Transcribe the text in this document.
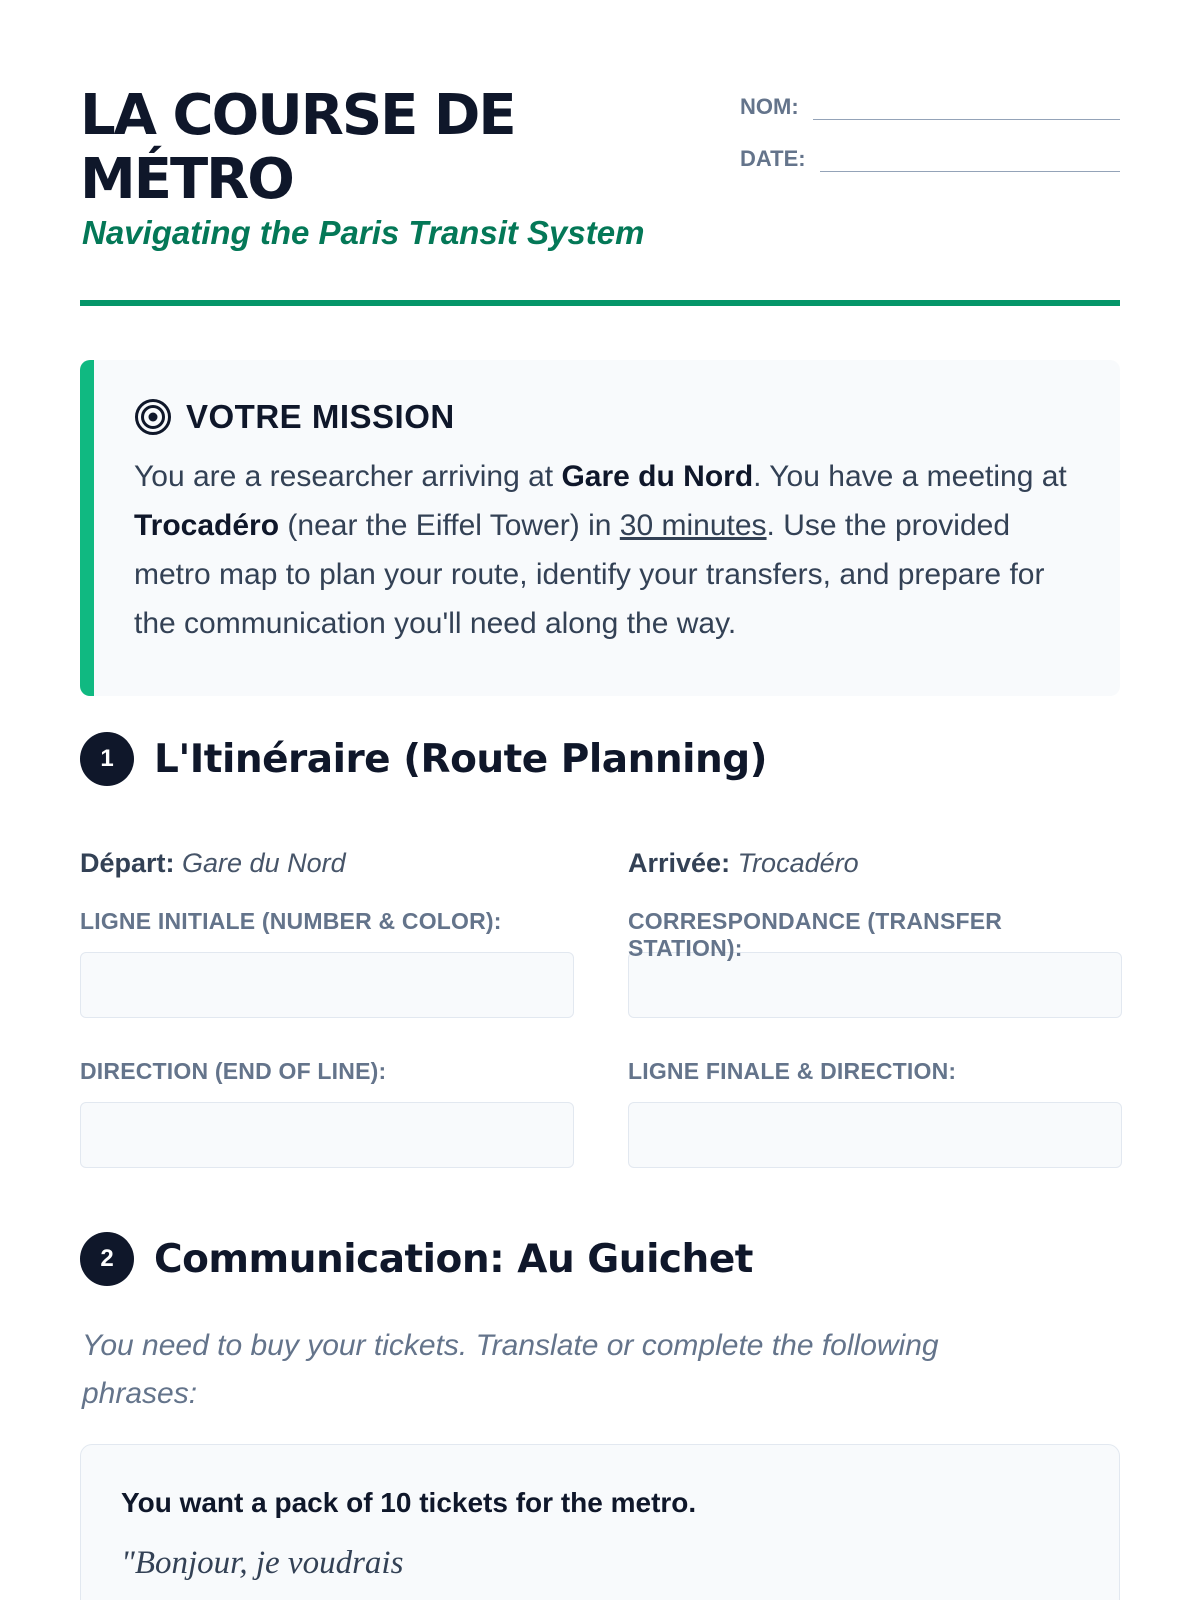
LA COURSE DE
MÉTRO
Navigating the Paris Transit System
NOM:
DATE:
VOTRE MISSION
You are a researcher arriving at Gare du Nord. You have a meeting at Trocadéro (near the Eiffel Tower) in 30 minutes. Use the provided metro map to plan your route, identify your transfers, and prepare for the communication you'll need along the way.
1	L'Itinéraire (Route Planning)
Départ: Gare du Nord
LIGNE INITIALE (NUMBER & COLOR):
DIRECTION (END OF LINE):
Arrivée: Trocadéro
CORRESPONDANCE (TRANSFER STATION):
LIGNE FINALE & DIRECTION:
2	Communication: Au Guichet
You need to buy your tickets. Translate or complete the following phrases:
You want a pack of 10 tickets for the metro.
"Bonjour, je voudrais
